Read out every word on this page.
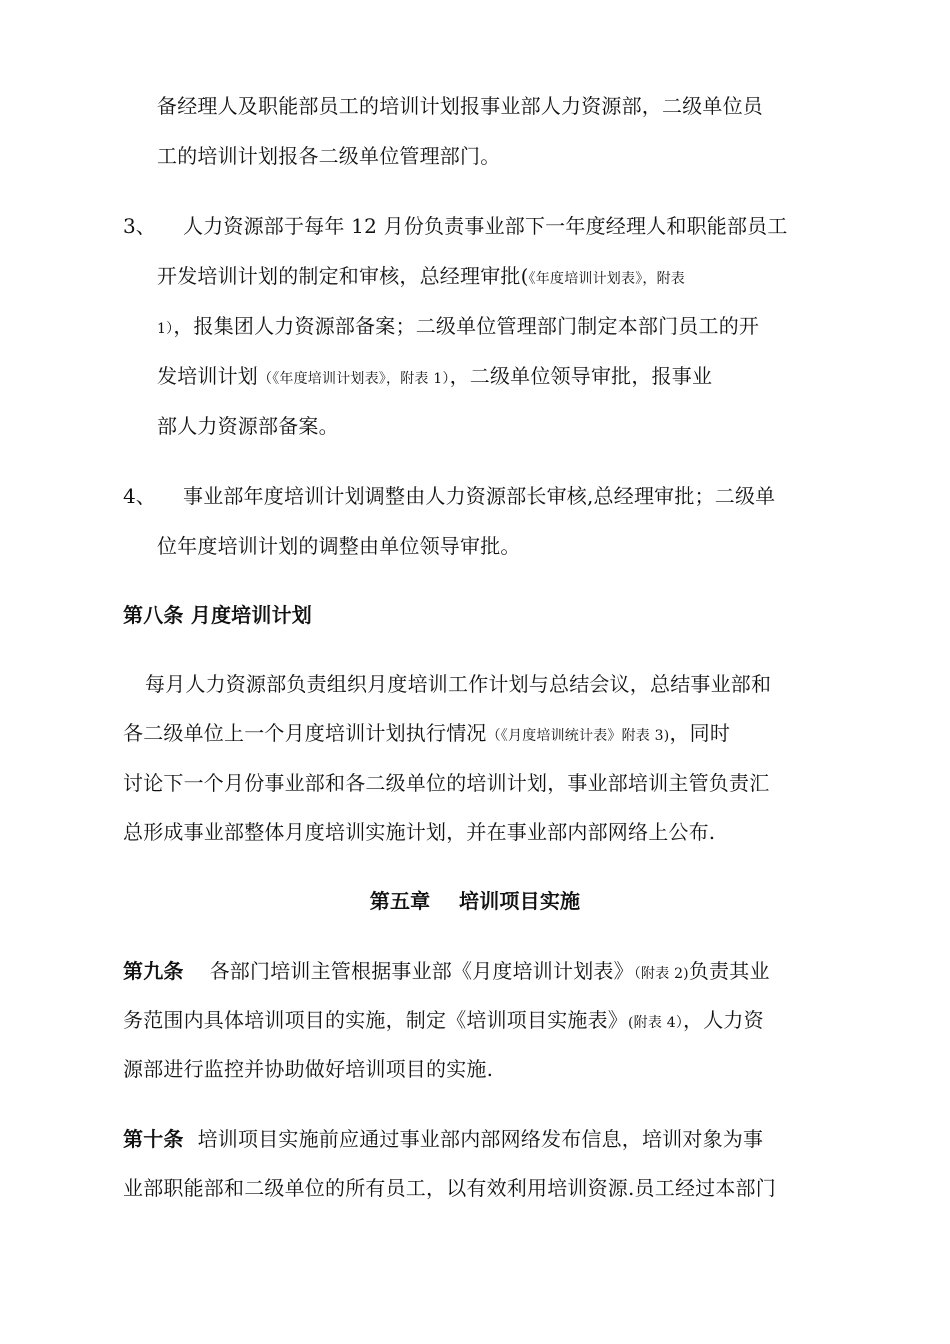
备经理人及职能部员工的培训计划报事业部人力资源部，二级单位员
工的培训计划报各二级单位管理部门。
3、 人力资源部于每年 12 月份负责事业部下一年度经理人和职能部员工
开发培训计划的制定和审核，总经理审批(《年度培训计划表》，附表
1），报集团人力资源部备案；二级单位管理部门制定本部门员工的开
发培训计划（《年度培训计划表》，附表 1），二级单位领导审批，报事业
部人力资源部备案。
4、 事业部年度培训计划调整由人力资源部长审核,总经理审批；二级单
位年度培训计划的调整由单位领导审批。
第八条 月度培训计划
每月人力资源部负责组织月度培训工作计划与总结会议，总结事业部和
各二级单位上一个月度培训计划执行情况（《月度培训统计表》附表 3)，同时
讨论下一个月份事业部和各二级单位的培训计划，事业部培训主管负责汇
总形成事业部整体月度培训实施计划，并在事业部内部网络上公布.
第五章    培训项目实施
第九条 各部门培训主管根据事业部《月度培训计划表》（附表 2)负责其业
务范围内具体培训项目的实施，制定《培训项目实施表》(附表 4），人力资
源部进行监控并协助做好培训项目的实施.
第十条 培训项目实施前应通过事业部内部网络发布信息，培训对象为事
业部职能部和二级单位的所有员工，以有效利用培训资源.员工经过本部门
